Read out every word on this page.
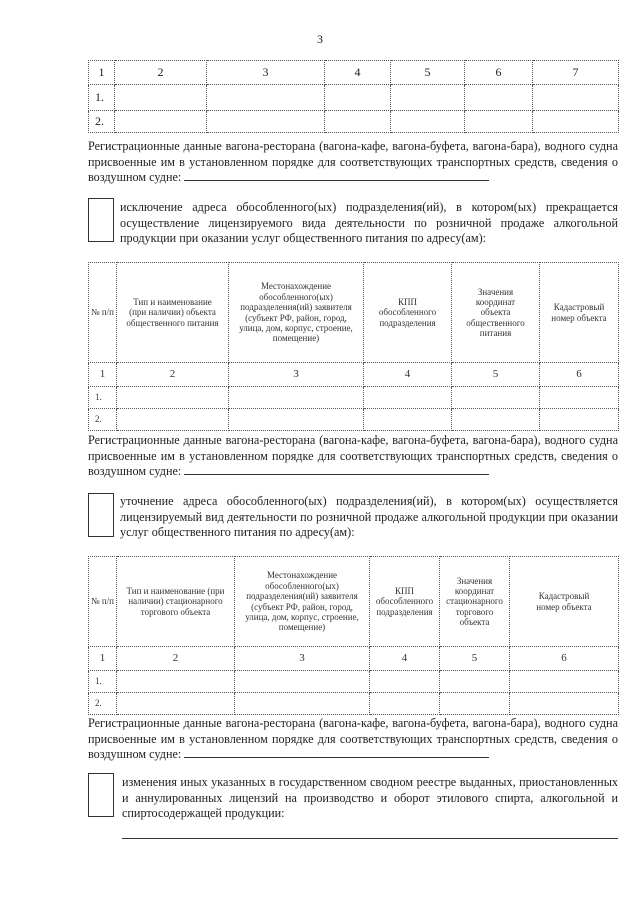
3
1	2	3	4	5	6	7
1.						
2.						
Регистрационные данные вагона-ресторана (вагона-кафе, вагона-буфета, вагона-бара), водного судна присвоенные им в установленном порядке для соответствующих транспортных средств, сведения о воздушном судне:
исключение адреса обособленного(ых) подразделения(ий), в котором(ых) прекращается осуществление лицензируемого вида деятельности по розничной продаже алкогольной продукции при оказании услуг общественного питания по адресу(ам):
№ п/п	Тип и наименование (при наличии) объекта общественного питания	Местонахождение обособленного(ых) подразделения(ий) заявителя (субъект РФ, район, город, улица, дом, корпус, строение, помещение)	КПП обособленного подразделения	Значения координат объекта общественного питания	Кадастровый номер объекта
1	2	3	4	5	6
1.					
2.					
Регистрационные данные вагона-ресторана (вагона-кафе, вагона-буфета, вагона-бара), водного судна присвоенные им в установленном порядке для соответствующих транспортных средств, сведения о воздушном судне:
уточнение адреса обособленного(ых) подразделения(ий), в котором(ых) осуществляется лицензируемый вид деятельности по розничной продаже алкогольной продукции при оказании услуг общественного питания по адресу(ам):
№ п/п	Тип и наименование (при наличии) стационарного торгового объекта	Местонахождение обособленного(ых) подразделения(ий) заявителя (субъект РФ, район, город, улица, дом, корпус, строение, помещение)	КПП обособленного подразделения	Значения координат стационарного торгового объекта	Кадастровый номер объекта
1	2	3	4	5	6
1.					
2.					
Регистрационные данные вагона-ресторана (вагона-кафе, вагона-буфета, вагона-бара), водного судна присвоенные им в установленном порядке для соответствующих транспортных средств, сведения о воздушном судне:
изменения иных указанных в государственном сводном реестре выданных, приостановленных и аннулированных лицензий на производство и оборот этилового спирта, алкогольной и спиртосодержащей продукции:
